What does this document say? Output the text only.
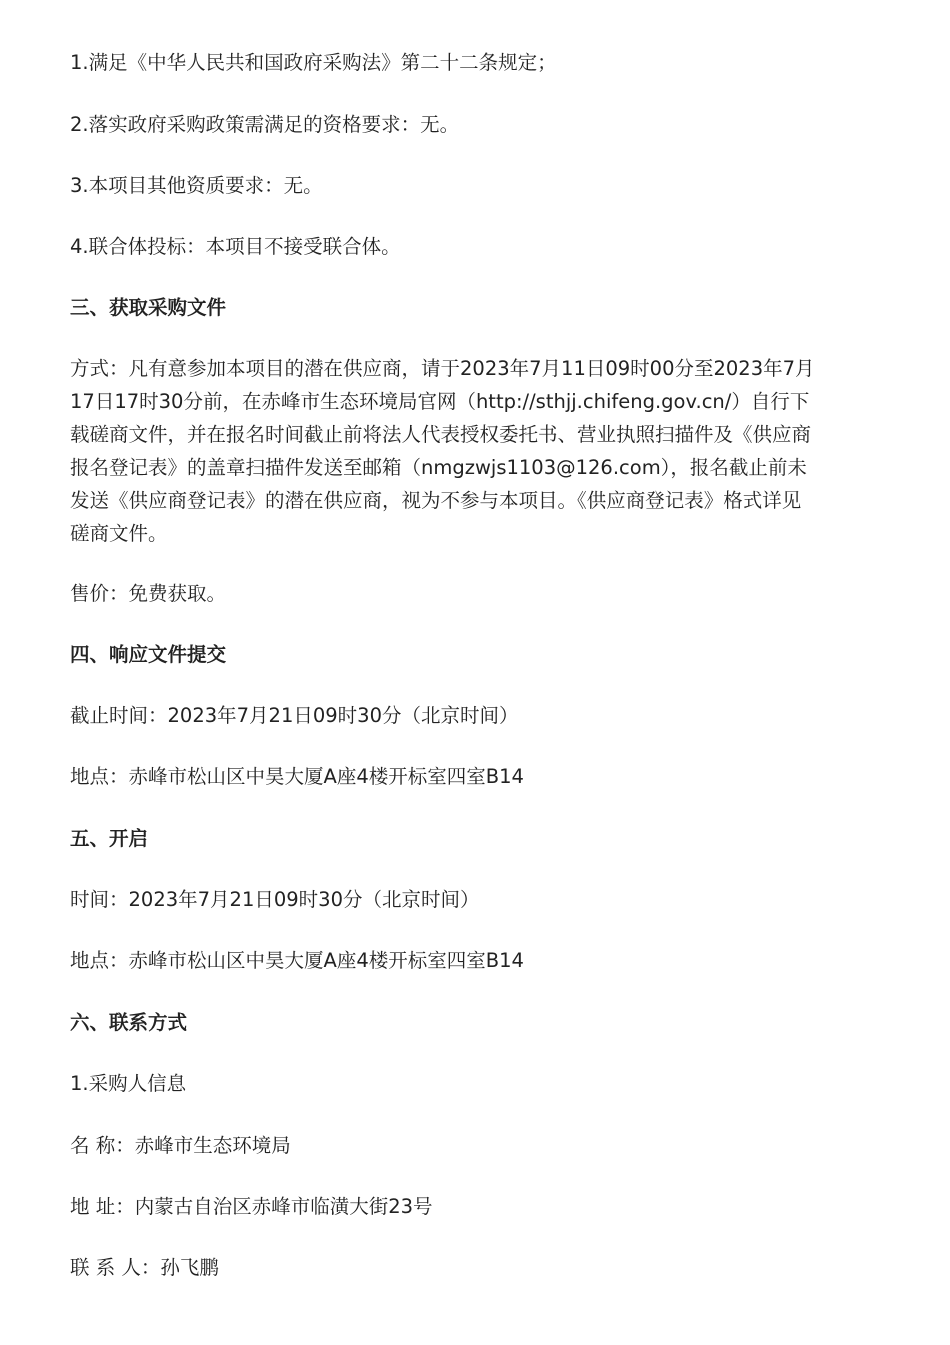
1.满足《中华人民共和国政府采购法》第二十二条规定；
2.落实政府采购政策需满足的资格要求：无。
3.本项目其他资质要求：无。
4.联合体投标：本项目不接受联合体。
三、获取采购文件
方式：凡有意参加本项目的潜在供应商，请于2023年7月11日09时00分至2023年7月
17日17时30分前，在赤峰市生态环境局官网（http://sthjj.chifeng.gov.cn/）自行下
载磋商文件，并在报名时间截止前将法人代表授权委托书、营业执照扫描件及《供应商
报名登记表》的盖章扫描件发送至邮箱（nmgzwjs1103@126.com），报名截止前未
发送《供应商登记表》的潜在供应商，视为不参与本项目。《供应商登记表》格式详见
磋商文件。
售价：免费获取。
四、响应文件提交
截止时间：2023年7月21日09时30分（北京时间）
地点：赤峰市松山区中昊大厦A座4楼开标室四室B14
五、开启
时间：2023年7月21日09时30分（北京时间）
地点：赤峰市松山区中昊大厦A座4楼开标室四室B14
六、联系方式
1.采购人信息
名 称：赤峰市生态环境局
地 址：内蒙古自治区赤峰市临潢大街23号
联 系 人：孙飞鹏
